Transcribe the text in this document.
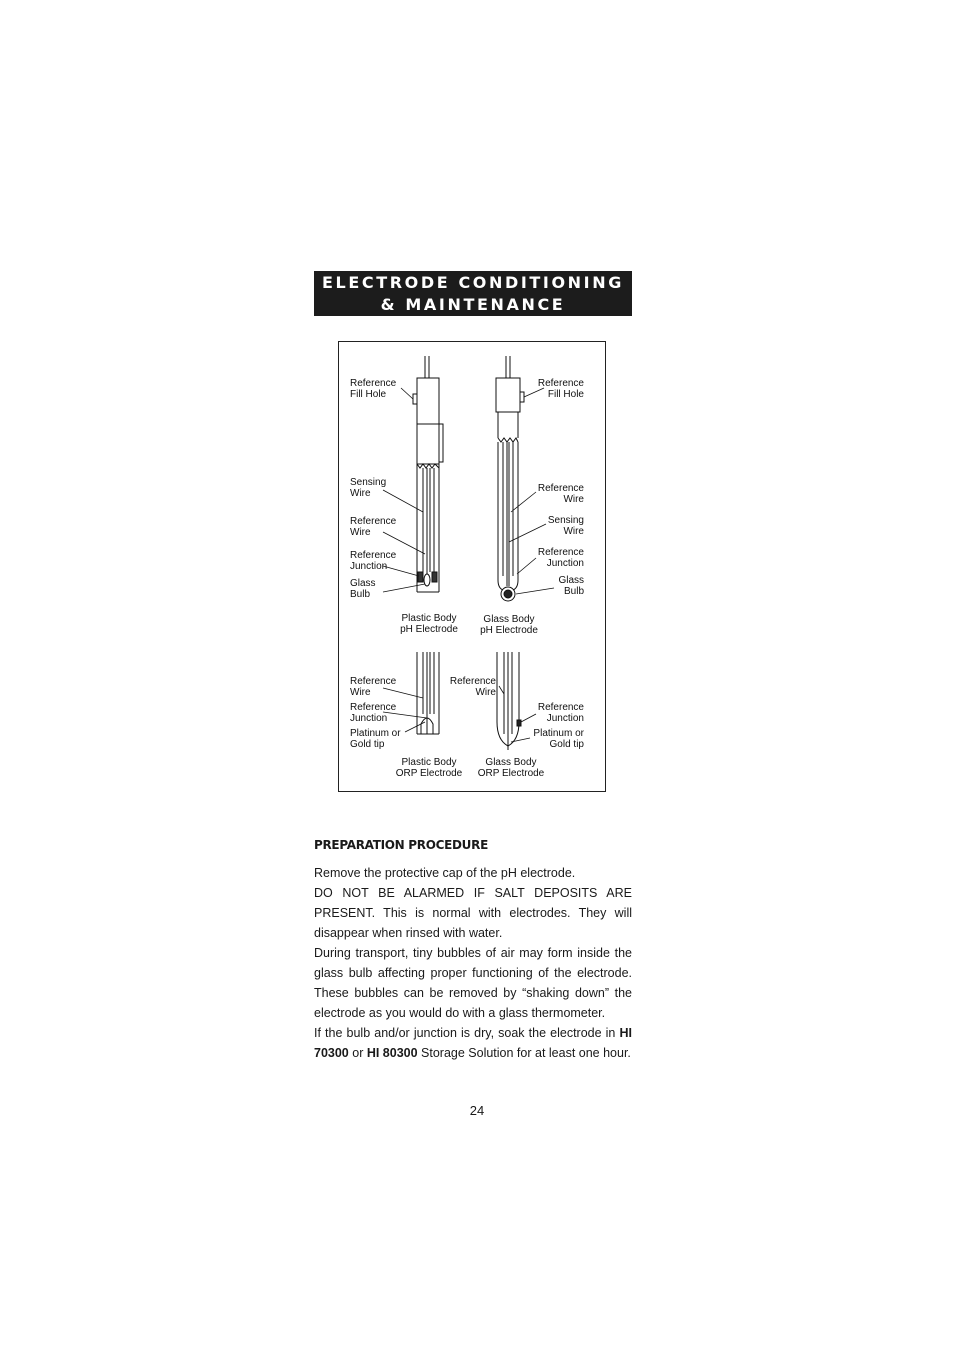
ELECTRODE CONDITIONING
& MAINTENANCE
Reference
Fill Hole
Reference
Fill Hole
Sensing
Wire
Reference
Wire
Reference
Junction
Glass
Bulb
Reference
Wire
Sensing
Wire
Reference
Junction
Glass
Bulb
Plastic Body
pH Electrode
Glass Body
pH Electrode
Reference
Wire
Reference
Junction
Platinum or
Gold tip
Reference
Wire
Reference
Junction
Platinum or
Gold tip
Plastic Body
ORP Electrode
Glass Body
ORP Electrode
PREPARATION PROCEDURE

Remove the protective cap of the pH electrode.

DO NOT BE ALARMED IF SALT DEPOSITS ARE PRESENT. This is normal with electrodes. They will disappear when rinsed with water.

During transport, tiny bubbles of air may form inside the glass bulb affecting proper functioning of the electrode. These bubbles can be removed by “shaking down” the electrode as you would do with a glass thermometer.

If the bulb and/or junction is dry, soak the electrode in HI 70300 or HI 80300 Storage Solution for at least one hour.

24
